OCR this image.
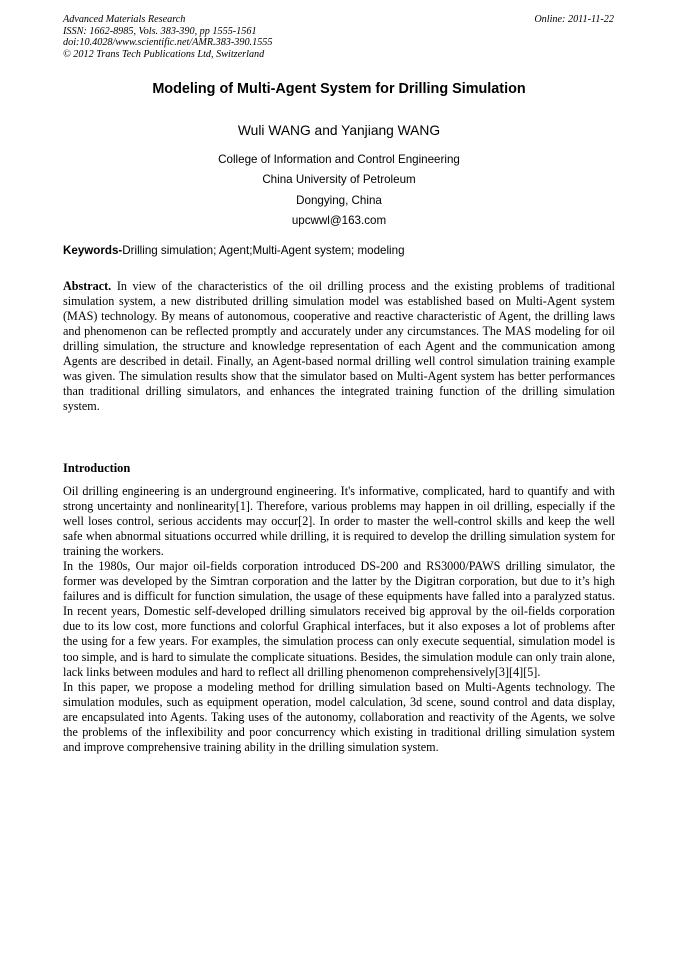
Advanced Materials Research
ISSN: 1662-8985, Vols. 383-390, pp 1555-1561
doi:10.4028/www.scientific.net/AMR.383-390.1555
© 2012 Trans Tech Publications Ltd, Switzerland
Online: 2011-11-22
Modeling of Multi-Agent System for Drilling Simulation
Wuli WANG and Yanjiang WANG
College of Information and Control Engineering
China University of Petroleum
Dongying, China
upcwwl@163.com
Keywords-Drilling simulation; Agent;Multi-Agent system; modeling
Abstract. In view of the characteristics of the oil drilling process and the existing problems of traditional simulation system, a new distributed drilling simulation model was established based on Multi-Agent system (MAS) technology. By means of autonomous, cooperative and reactive characteristic of Agent, the drilling laws and phenomenon can be reflected promptly and accurately under any circumstances. The MAS modeling for oil drilling simulation, the structure and knowledge representation of each Agent and the communication among Agents are described in detail. Finally, an Agent-based normal drilling well control simulation training example was given. The simulation results show that the simulator based on Multi-Agent system has better performances than traditional drilling simulators, and enhances the integrated training function of the drilling simulation system.
Introduction

Oil drilling engineering is an underground engineering. It's informative, complicated, hard to quantify and with strong uncertainty and nonlinearity[1]. Therefore, various problems may happen in oil drilling, especially if the well loses control, serious accidents may occur[2]. In order to master the well-control skills and keep the well safe when abnormal situations occurred while drilling, it is required to develop the drilling simulation system for training the workers.

In the 1980s, Our major oil-fields corporation introduced DS-200 and RS3000/PAWS drilling simulator, the former was developed by the Simtran corporation and the latter by the Digitran corporation, but due to it’s high failures and is difficult for function simulation, the usage of these equipments have falled into a paralyzed status. In recent years, Domestic self-developed drilling simulators received big approval by the oil-fields corporation due to its low cost, more functions and colorful Graphical interfaces, but it also exposes a lot of problems after the using for a few years. For examples, the simulation process can only execute sequential, simulation model is too simple, and is hard to simulate the complicate situations. Besides, the simulation module can only train alone, lack links between modules and hard to reflect all drilling phenomenon comprehensively[3][4][5].

In this paper, we propose a modeling method for drilling simulation based on Multi-Agents technology. The simulation modules, such as equipment operation, model calculation, 3d scene, sound control and data display, are encapsulated into Agents. Taking uses of the autonomy, collaboration and reactivity of the Agents, we solve the problems of the inflexibility and poor concurrency which existing in traditional drilling simulation system and improve comprehensive training ability in the drilling simulation system.
